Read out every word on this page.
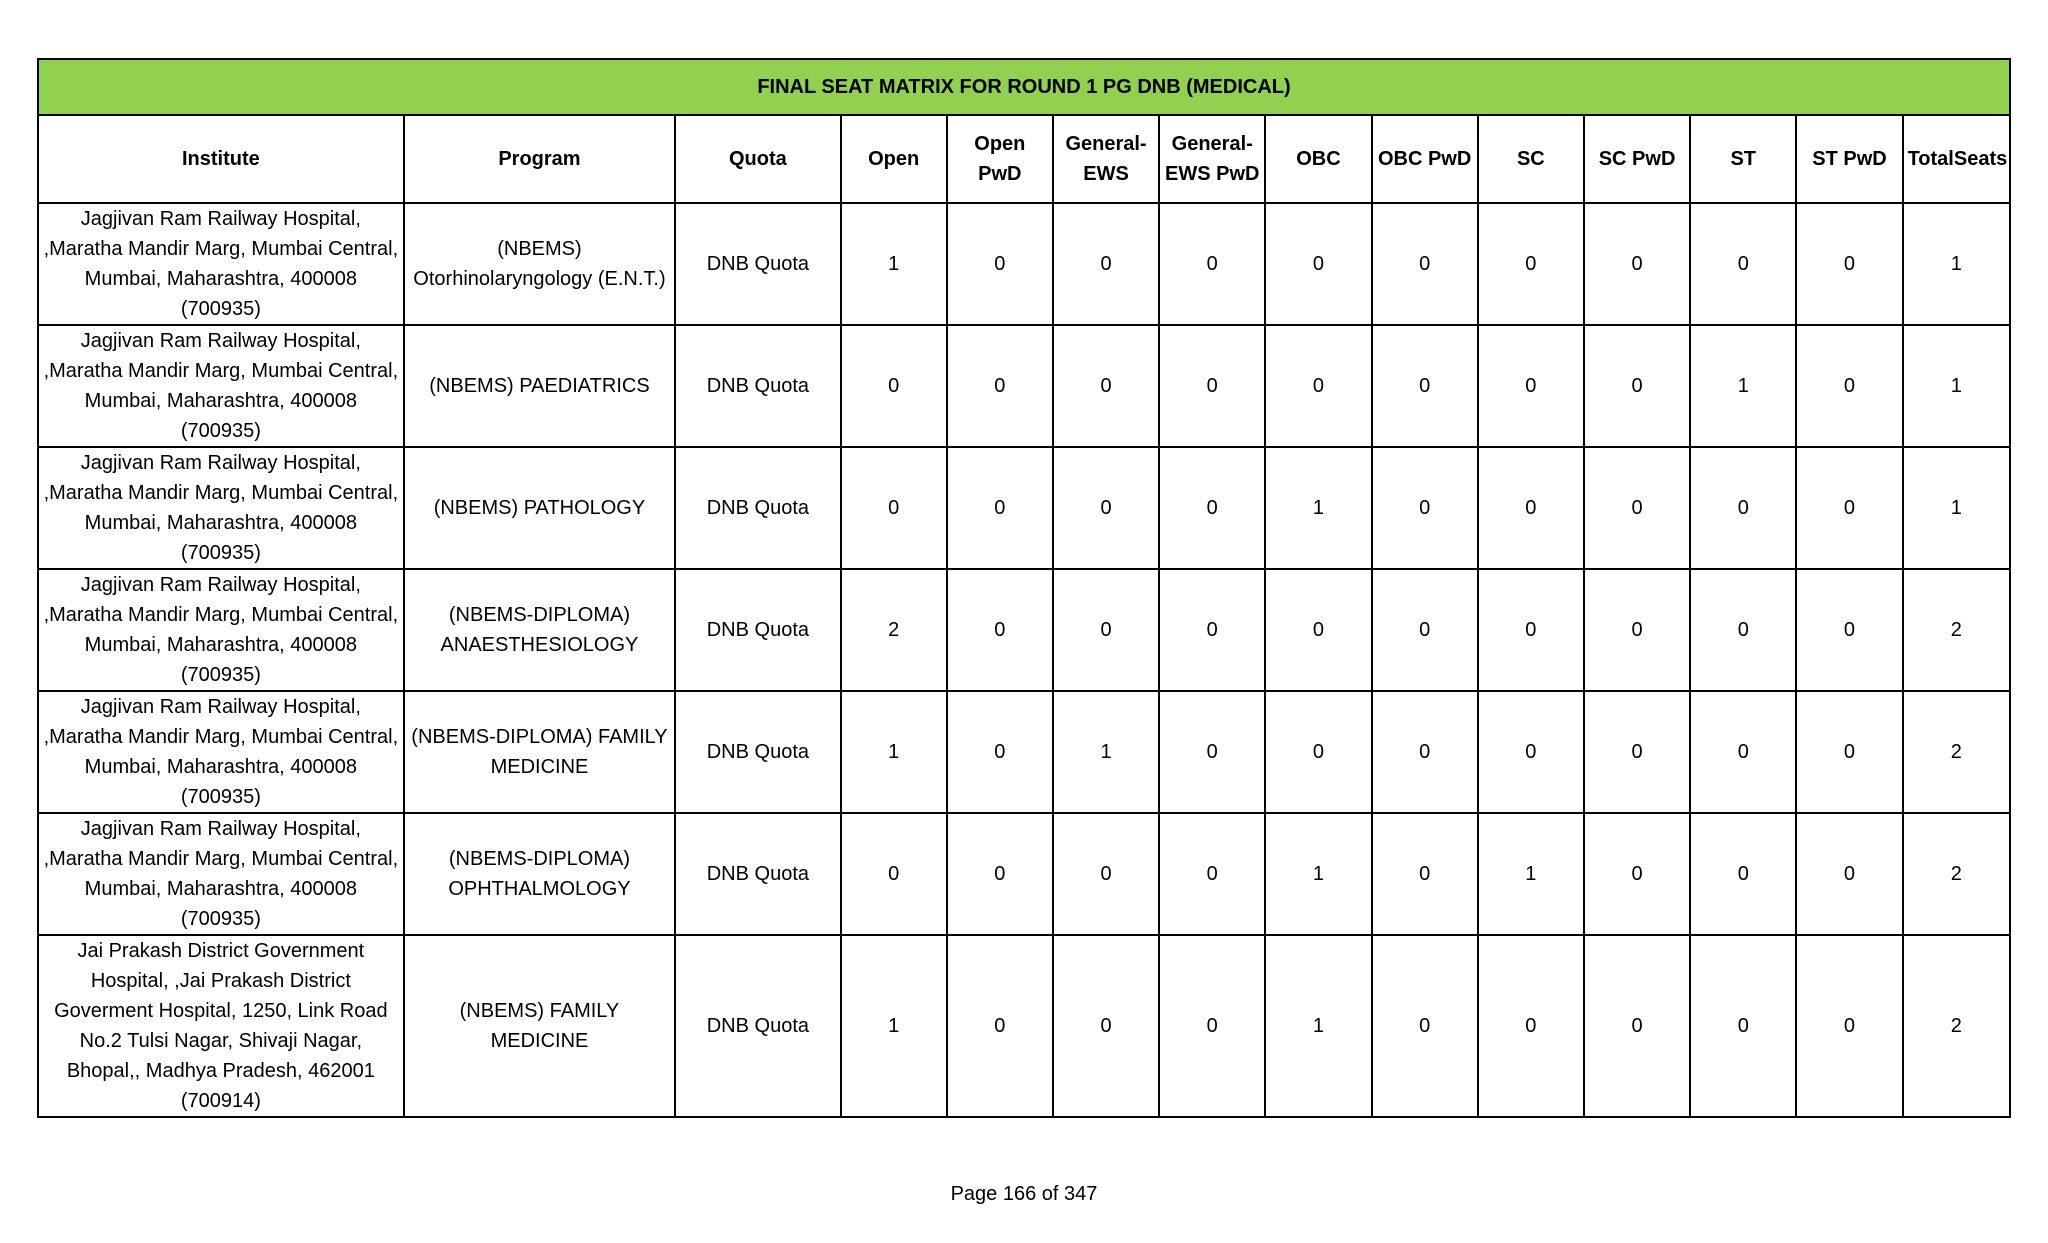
FINAL SEAT MATRIX FOR ROUND 1 PG DNB (MEDICAL)													
Institute	Program	Quota	Open	Open PwD	General-EWS	General-EWS PwD	OBC	OBC PwD	SC	SC PwD	ST	ST PwD	TotalSeats
Jagjivan Ram Railway Hospital, ,Maratha Mandir Marg, Mumbai Central, Mumbai, Maharashtra, 400008 (700935)	(NBEMS) Otorhinolaryngology (E.N.T.)	DNB Quota	1	0	0	0	0	0	0	0	0	0	1
Jagjivan Ram Railway Hospital, ,Maratha Mandir Marg, Mumbai Central, Mumbai, Maharashtra, 400008 (700935)	(NBEMS) PAEDIATRICS	DNB Quota	0	0	0	0	0	0	0	0	1	0	1
Jagjivan Ram Railway Hospital, ,Maratha Mandir Marg, Mumbai Central, Mumbai, Maharashtra, 400008 (700935)	(NBEMS) PATHOLOGY	DNB Quota	0	0	0	0	1	0	0	0	0	0	1
Jagjivan Ram Railway Hospital, ,Maratha Mandir Marg, Mumbai Central, Mumbai, Maharashtra, 400008 (700935)	(NBEMS-DIPLOMA) ANAESTHESIOLOGY	DNB Quota	2	0	0	0	0	0	0	0	0	0	2
Jagjivan Ram Railway Hospital, ,Maratha Mandir Marg, Mumbai Central, Mumbai, Maharashtra, 400008 (700935)	(NBEMS-DIPLOMA) FAMILY MEDICINE	DNB Quota	1	0	1	0	0	0	0	0	0	0	2
Jagjivan Ram Railway Hospital, ,Maratha Mandir Marg, Mumbai Central, Mumbai, Maharashtra, 400008 (700935)	(NBEMS-DIPLOMA) OPHTHALMOLOGY	DNB Quota	0	0	0	0	1	0	1	0	0	0	2
Jai Prakash District Government Hospital, ,Jai Prakash District Goverment Hospital, 1250, Link Road No.2 Tulsi Nagar, Shivaji Nagar, Bhopal,, Madhya Pradesh, 462001 (700914)	(NBEMS) FAMILY MEDICINE	DNB Quota	1	0	0	0	1	0	0	0	0	0	2
Page 166 of 347
